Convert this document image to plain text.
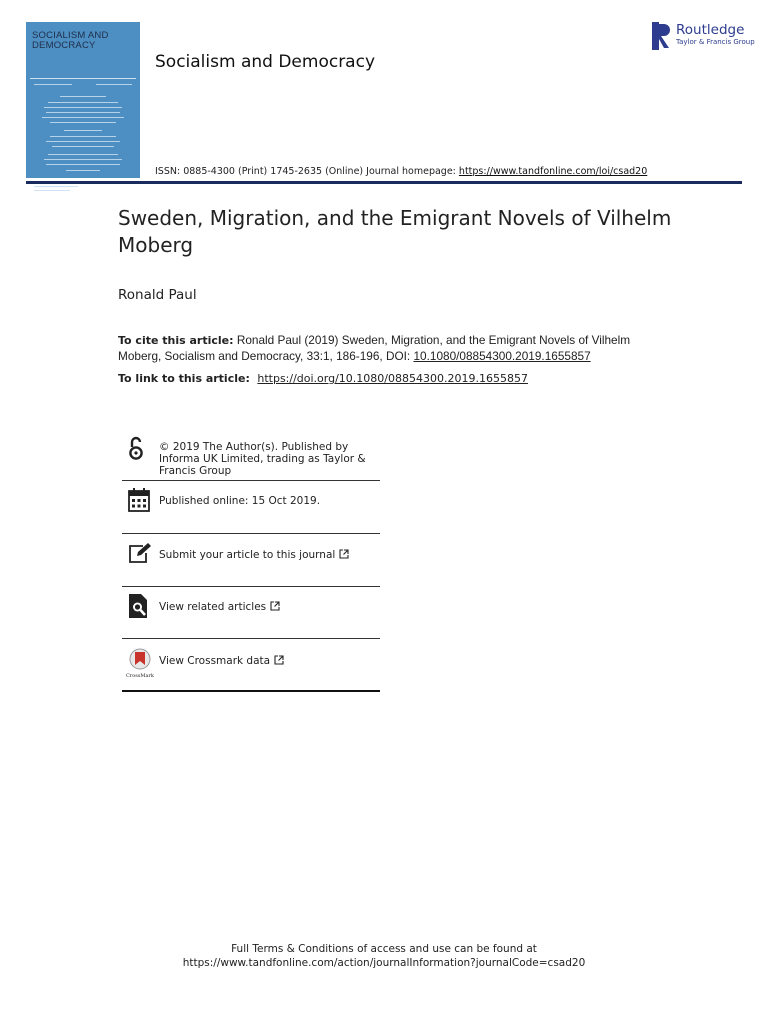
SOCIALISM AND DEMOCRACY
Socialism and Democracy
Routledge
Taylor & Francis Group
ISSN: 0885-4300 (Print) 1745-2635 (Online) Journal homepage: https://www.tandfonline.com/loi/csad20
Sweden, Migration, and the Emigrant Novels of Vilhelm Moberg
Ronald Paul
To cite this article: Ronald Paul (2019) Sweden, Migration, and the Emigrant Novels of Vilhelm Moberg, Socialism and Democracy, 33:1, 186-196, DOI: 10.1080/08854300.2019.1655857
To link to this article: https://doi.org/10.1080/08854300.2019.1655857
© 2019 The Author(s). Published by Informa UK Limited, trading as Taylor & Francis Group
Published online: 15 Oct 2019.
Submit your article to this journal
View related articles
CrossMark
View Crossmark data
Full Terms & Conditions of access and use can be found at
https://www.tandfonline.com/action/journalInformation?journalCode=csad20
